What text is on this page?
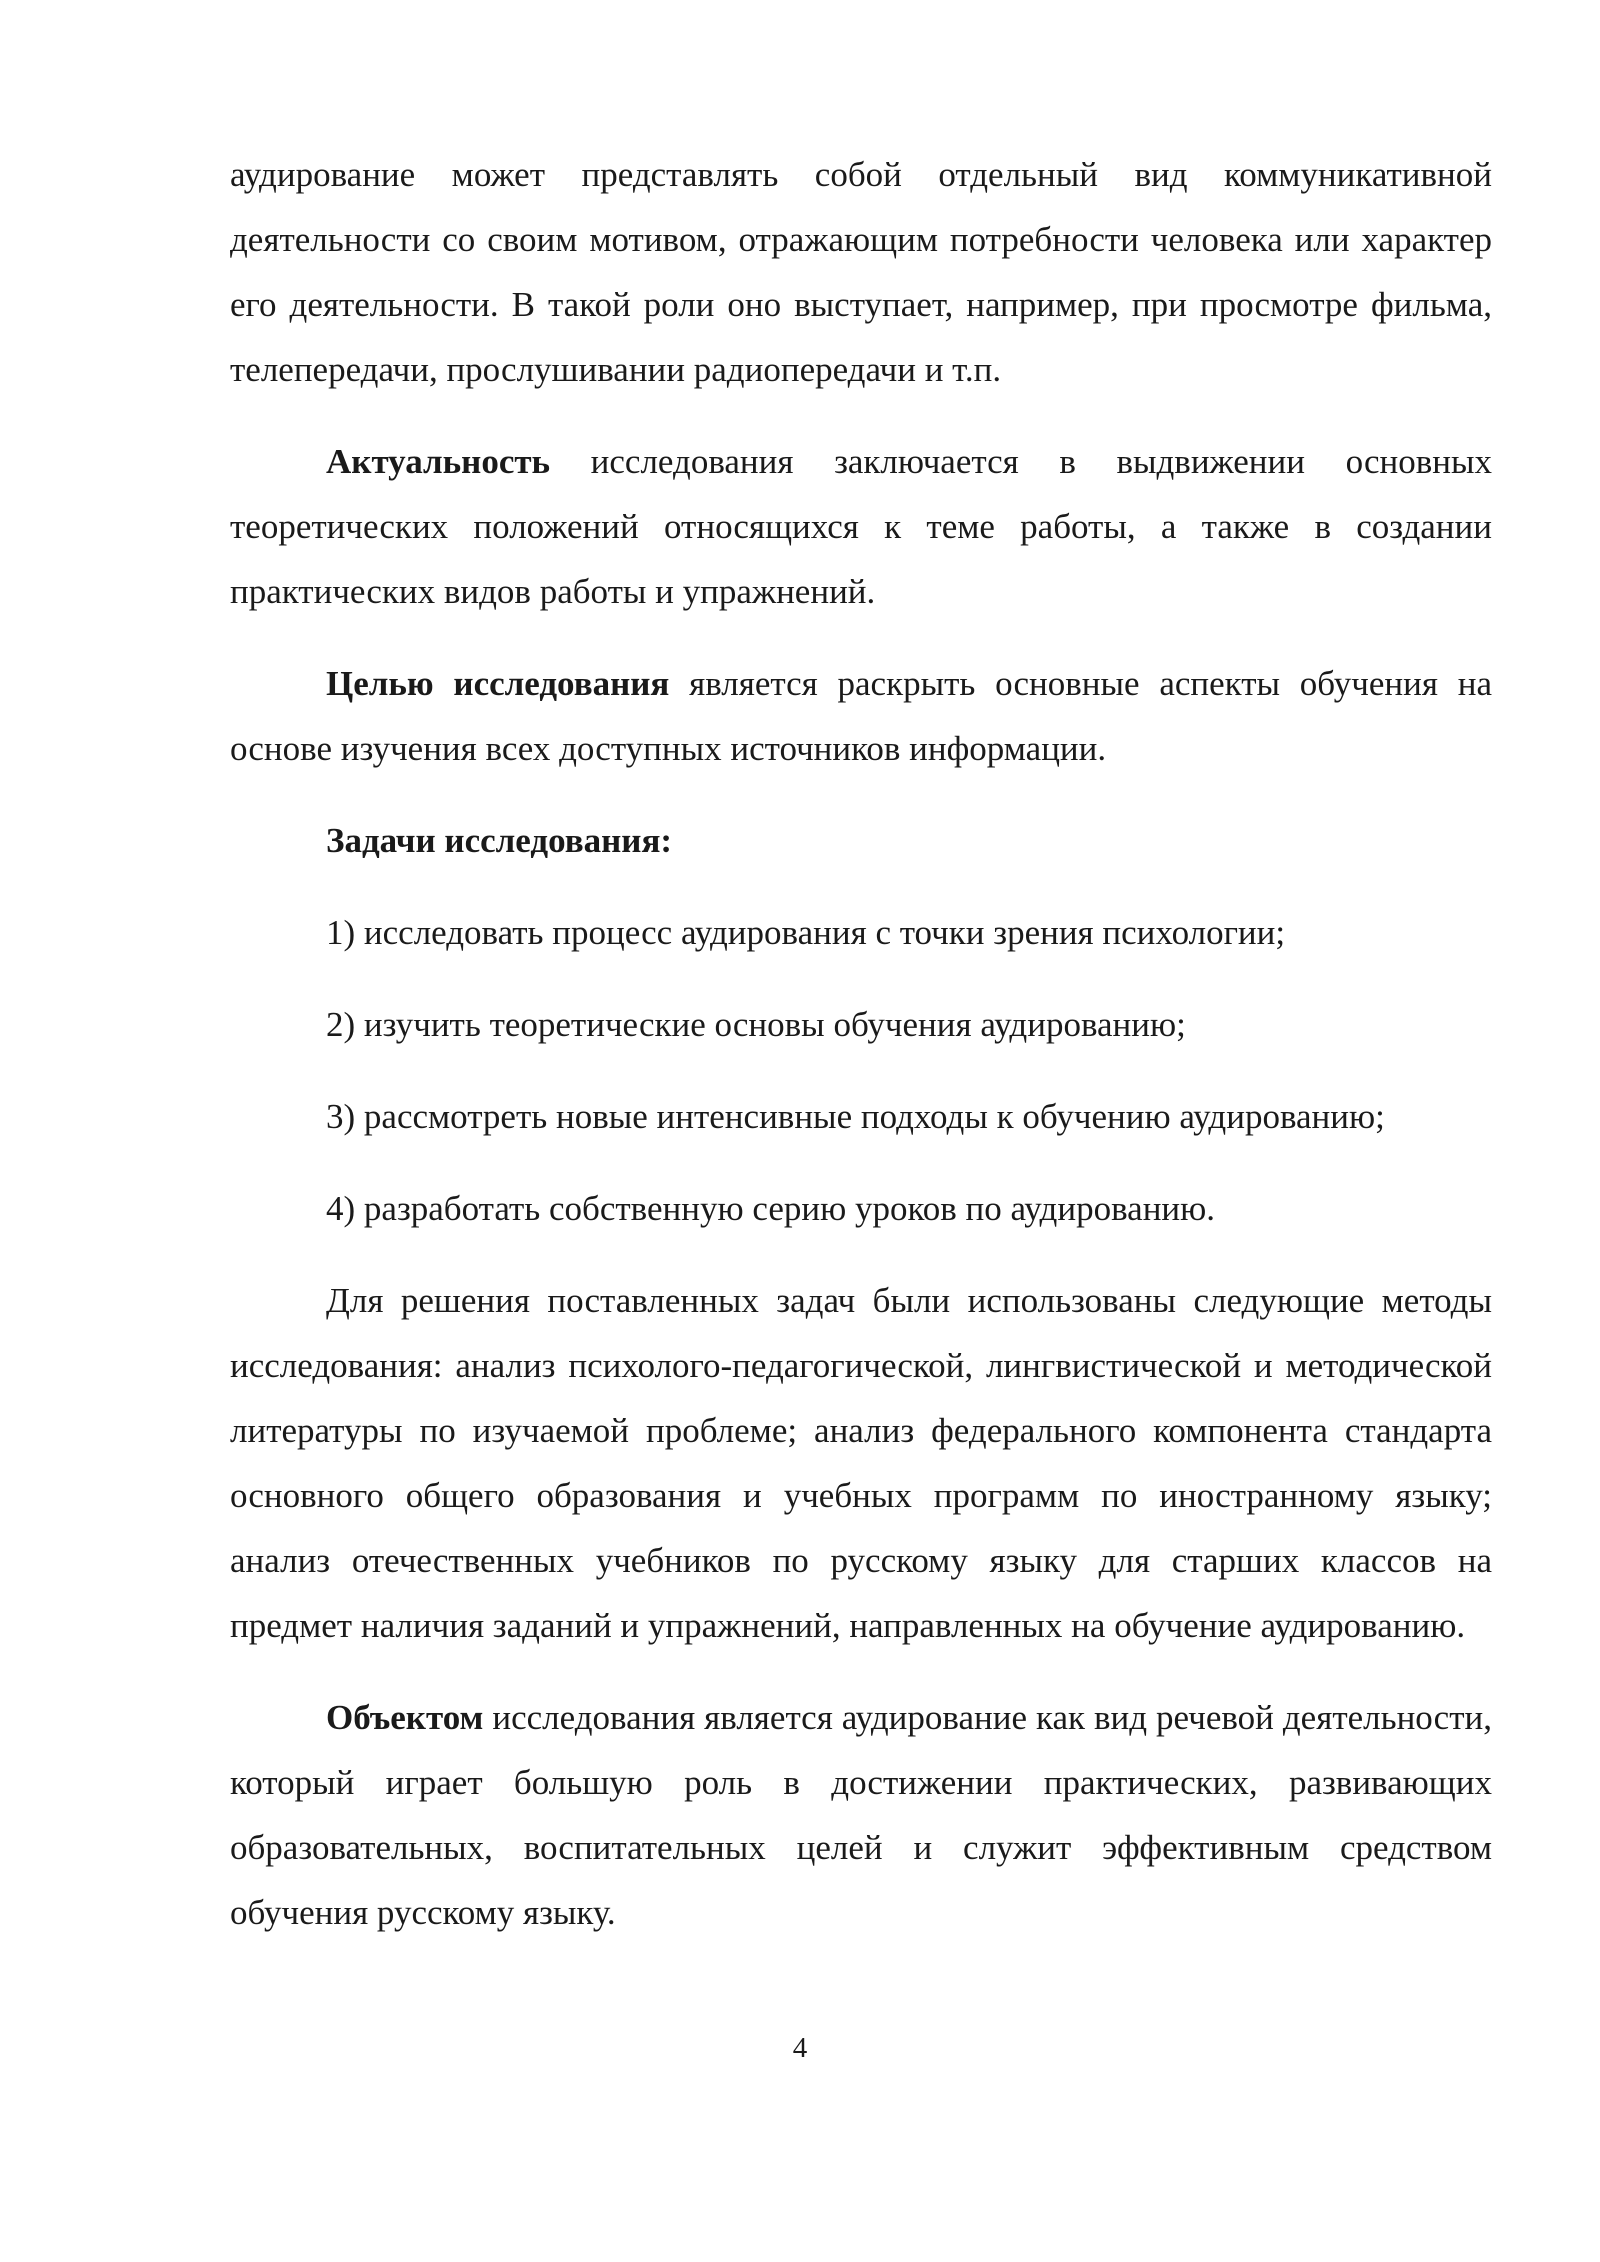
аудирование может представлять собой отдельный вид коммуникативной деятельности со своим мотивом, отражающим потребности человека или характер его деятельности. В такой роли оно выступает, например, при просмотре фильма, телепередачи, прослушивании радиопередачи и т.п.

Актуальность исследования заключается в выдвижении основных теоретических положений относящихся к теме работы, а также в создании практических видов работы и упражнений.

Целью исследования является раскрыть основные аспекты обучения на основе изучения всех доступных источников информации.

Задачи исследования:

1) исследовать процесс аудирования с точки зрения психологии;

2) изучить теоретические основы обучения аудированию;

3) рассмотреть новые интенсивные подходы к обучению аудированию;

4) разработать собственную серию уроков по аудированию.

Для решения поставленных задач были использованы следующие методы исследования: анализ психолого-педагогической, лингвистической и методической литературы по изучаемой проблеме; анализ федерального компонента стандарта основного общего образования и учебных программ по иностранному языку; анализ отечественных учебников по русскому языку для старших классов на предмет наличия заданий и упражнений, направленных на обучение аудированию.

Объектом исследования является аудирование как вид речевой деятельности, который играет большую роль в достижении практических, развивающих образовательных, воспитательных целей и служит эффективным средством обучения русскому языку.

4
